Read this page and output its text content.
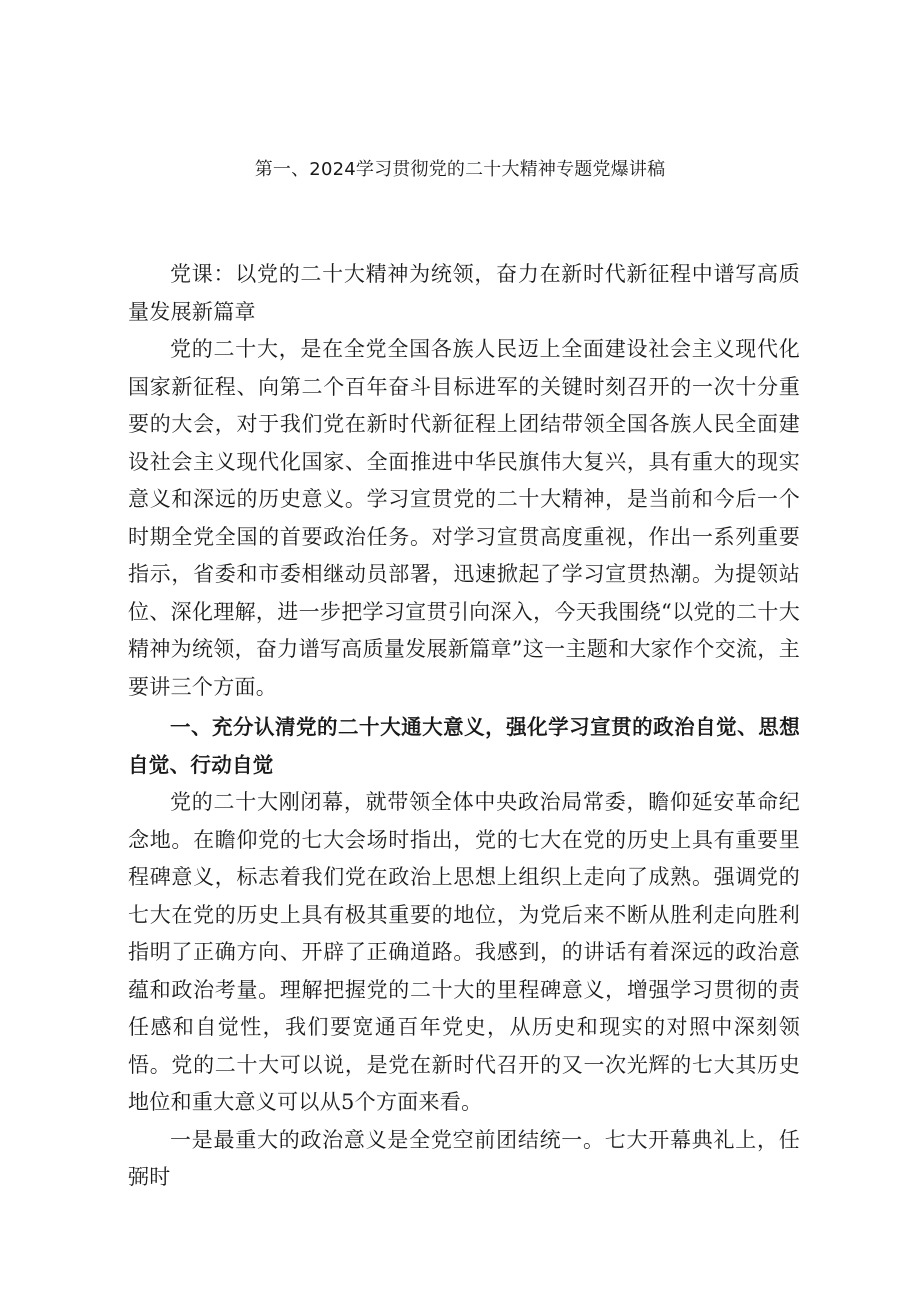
第一、2024学习贯彻党的二十大精神专题党爆讲稿

党课：以党的二十大精神为统领，奋力在新时代新征程中谱写高质量发展新篇章

党的二十大，是在全党全国各族人民迈上全面建设社会主义现代化国家新征程、向第二个百年奋斗目标进军的关键时刻召开的一次十分重要的大会，对于我们党在新时代新征程上团结带领全国各族人民全面建设社会主义现代化国家、全面推进中华民旗伟大复兴，具有重大的现实意义和深远的历史意义。学习宣贯党的二十大精神，是当前和今后一个时期全党全国的首要政治任务。对学习宣贯高度重视，作出一系列重要指示，省委和市委相继动员部署，迅速掀起了学习宣贯热潮。为提领站位、深化理解，进一步把学习宣贯引向深入，今天我围绕“以党的二十大精神为统领，奋力谱写高质量发展新篇章”这一主题和大家作个交流，主要讲三个方面。

一、充分认清党的二十大通大意义，强化学习宣贯的政治自觉、思想自觉、行动自觉

党的二十大刚闭幕，就带领全体中央政治局常委，瞻仰延安革命纪念地。在瞻仰党的七大会场时指出，党的七大在党的历史上具有重要里程碑意义，标志着我们党在政治上思想上组织上走向了成熟。强调党的七大在党的历史上具有极其重要的地位，为党后来不断从胜利走向胜利指明了正确方向、开辟了正确道路。我感到，的讲话有着深远的政治意蕴和政治考量。理解把握党的二十大的里程碑意义，增强学习贯彻的责任感和自觉性，我们要宽通百年党史，从历史和现实的对照中深刻领悟。党的二十大可以说，是党在新时代召开的又一次光辉的七大其历史地位和重大意义可以从5个方面来看。

一是最重大的政治意义是全党空前团结统一。七大开幕典礼上，任弼时
